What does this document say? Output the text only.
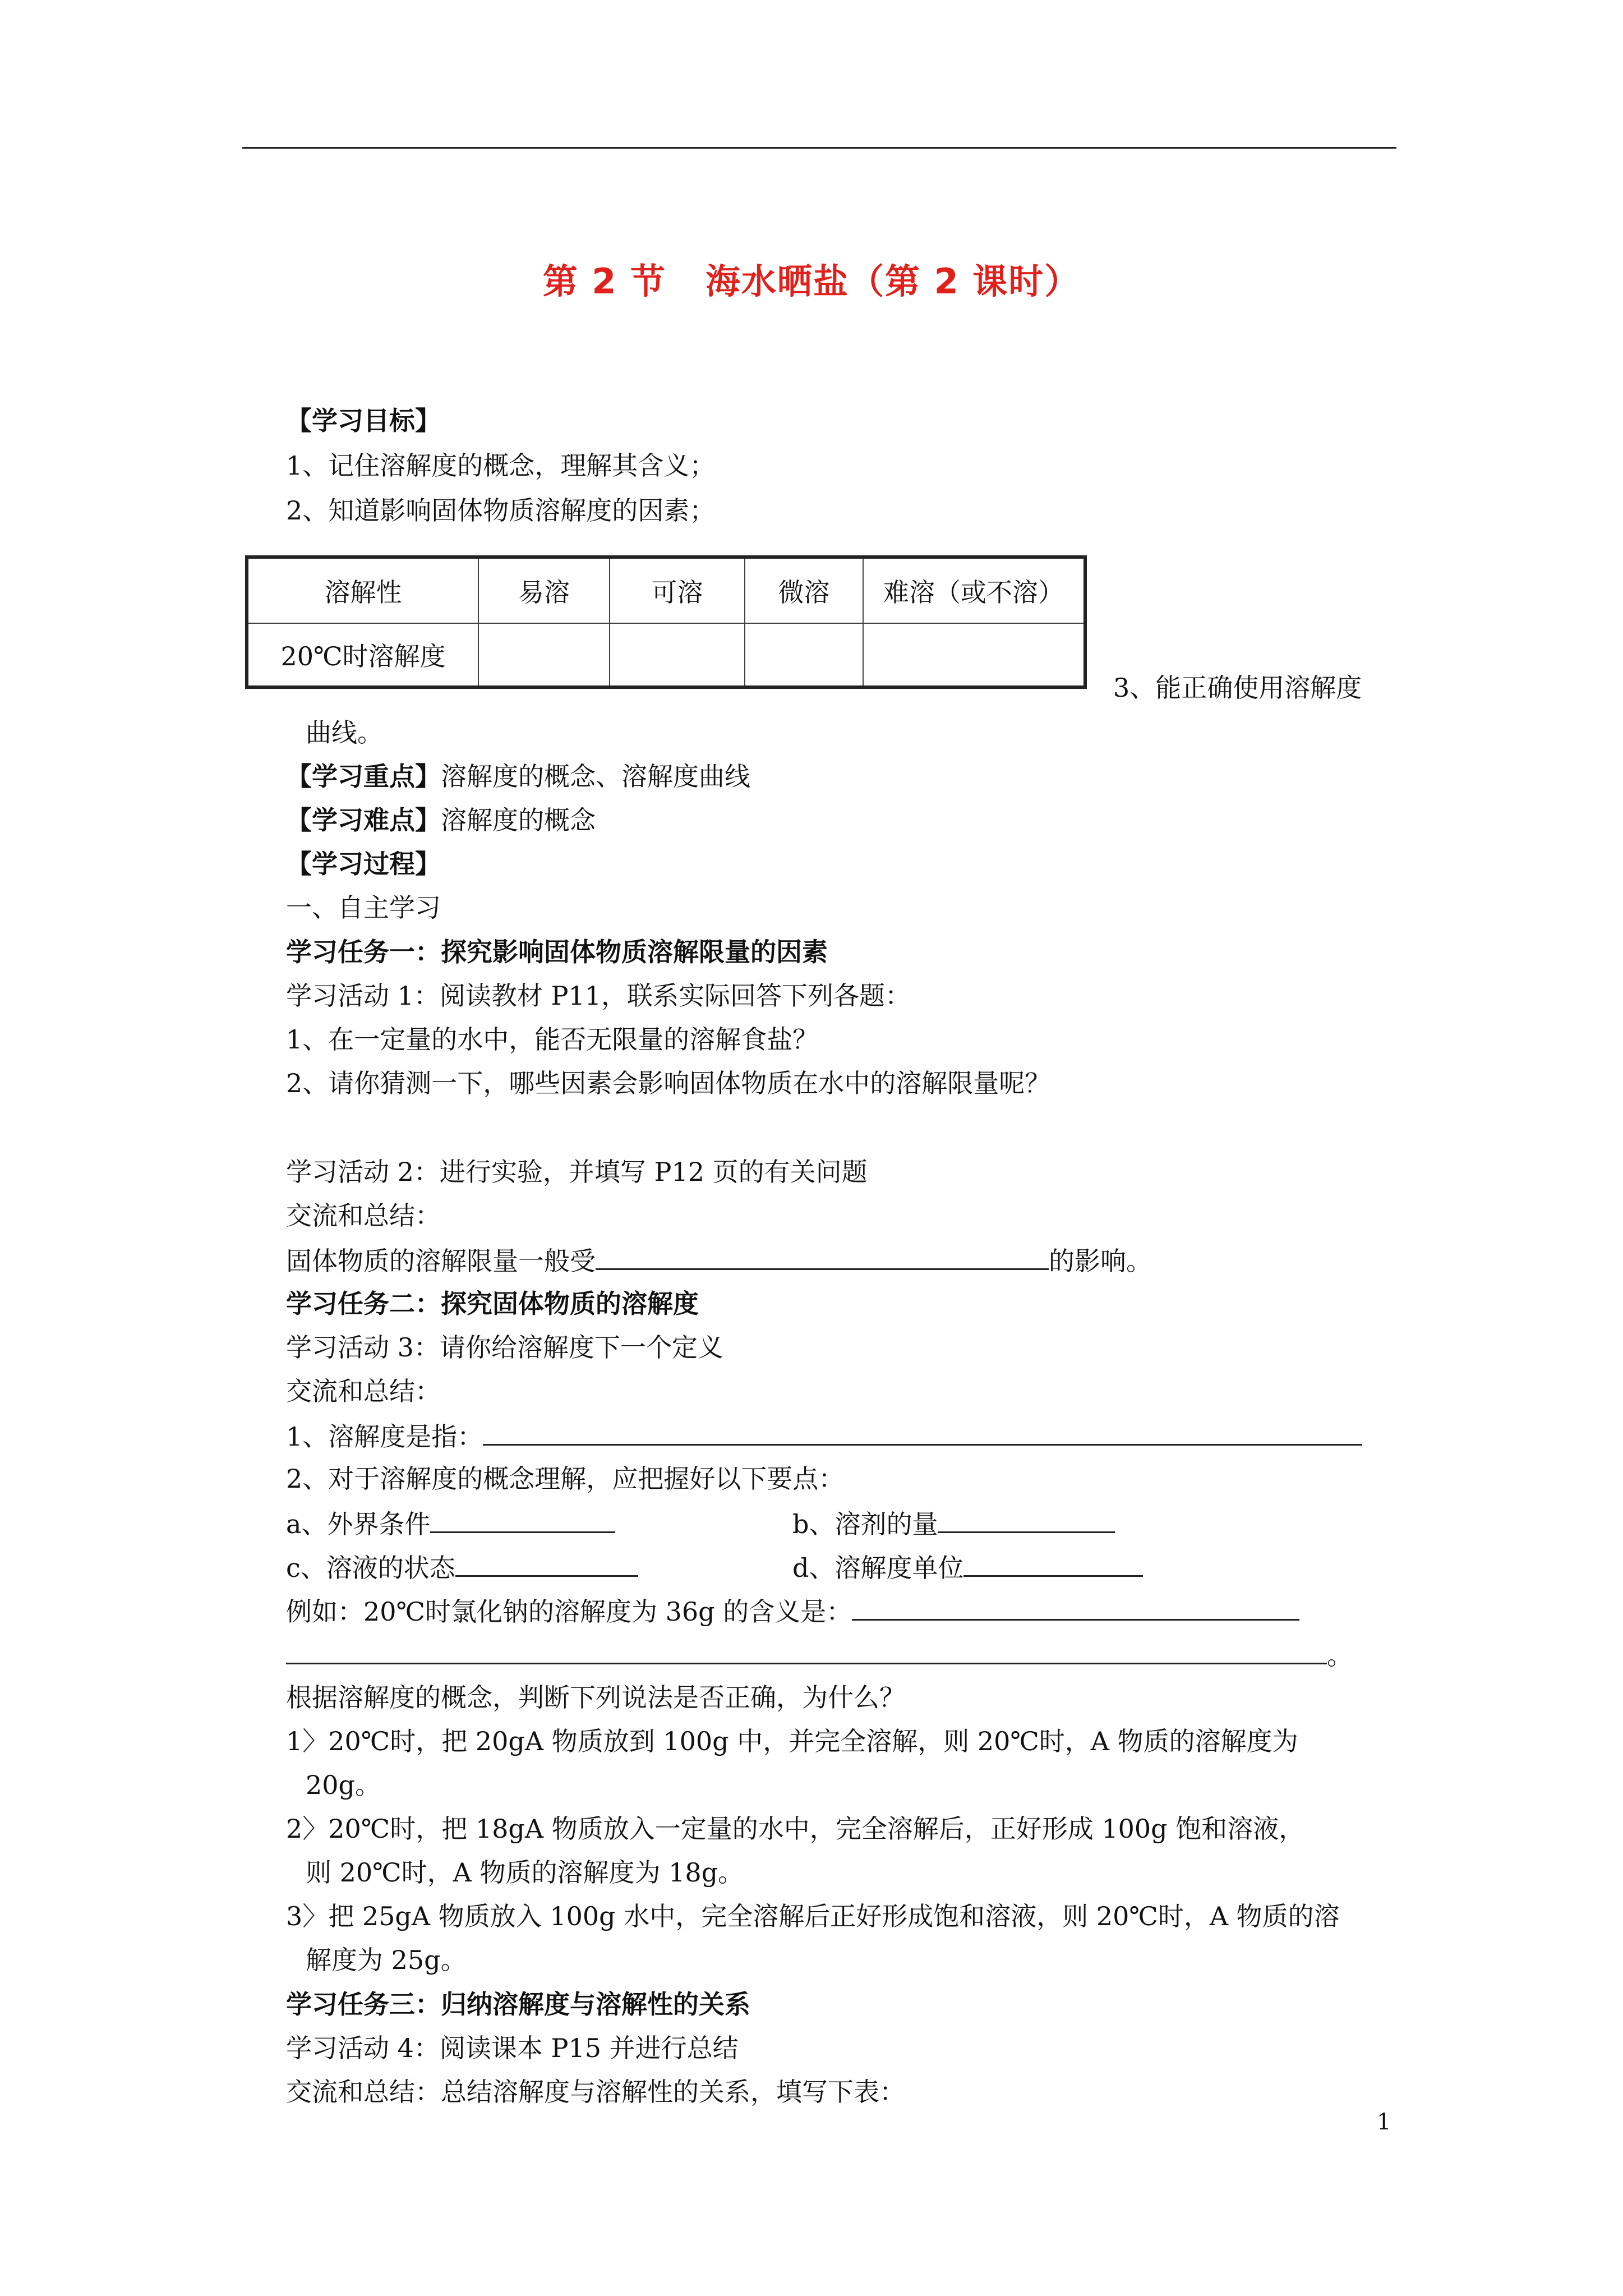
第 2 节 海水晒盐（第 2 课时）
【学习目标】
1、记住溶解度的概念，理解其含义；
2、知道影响固体物质溶解度的因素；
溶解性	易溶	可溶	微溶	难溶（或不溶）
20℃时溶解度				
3、能正确使用溶解度
曲线。
【学习重点】溶解度的概念、溶解度曲线
【学习难点】溶解度的概念
【学习过程】
一、自主学习
学习任务一：探究影响固体物质溶解限量的因素
学习活动 1：阅读教材 P11，联系实际回答下列各题：
1、在一定量的水中，能否无限量的溶解食盐？
2、请你猜测一下，哪些因素会影响固体物质在水中的溶解限量呢？
学习活动 2：进行实验，并填写 P12 页的有关问题
交流和总结：
固体物质的溶解限量一般受	的影响。
学习任务二：探究固体物质的溶解度
学习活动 3：请你给溶解度下一个定义
交流和总结：
1、溶解度是指：
2、对于溶解度的概念理解，应把握好以下要点：
a、外界条件	b、溶剂的量
c、溶液的状态	d、溶解度单位
例如：20℃时氯化钠的溶解度为 36g 的含义是：
。
根据溶解度的概念，判断下列说法是否正确，为什么？
1〉20℃时，把 20gA 物质放到 100g 中，并完全溶解，则 20℃时，A 物质的溶解度为
20g。
2〉20℃时，把 18gA 物质放入一定量的水中，完全溶解后，正好形成 100g 饱和溶液，
则 20℃时，A 物质的溶解度为 18g。
3〉把 25gA 物质放入 100g 水中，完全溶解后正好形成饱和溶液，则 20℃时，A 物质的溶
解度为 25g。
学习任务三：归纳溶解度与溶解性的关系
学习活动 4：阅读课本 P15 并进行总结
交流和总结：总结溶解度与溶解性的关系，填写下表：
1
